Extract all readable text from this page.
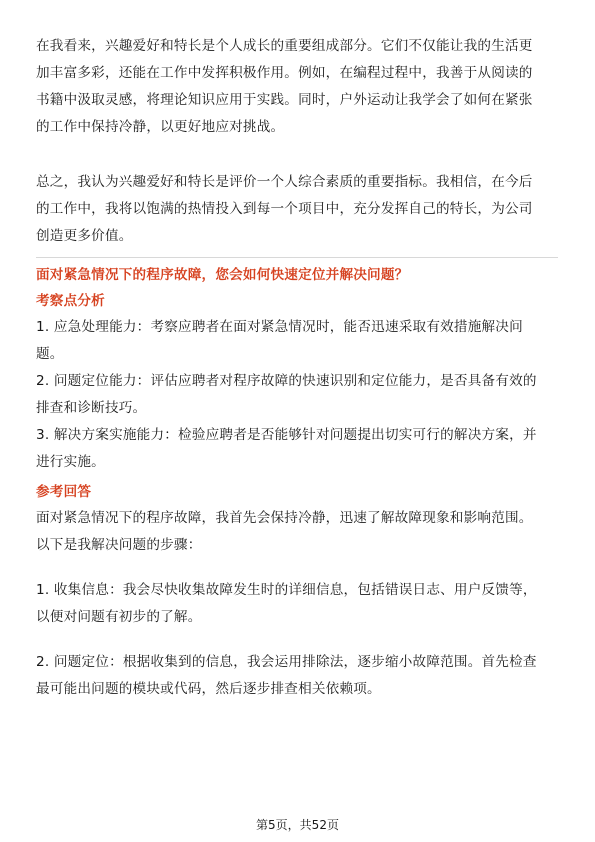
在我看来，兴趣爱好和特长是个人成长的重要组成部分。它们不仅能让我的生活更

加丰富多彩，还能在工作中发挥积极作用。例如，在编程过程中，我善于从阅读的

书籍中汲取灵感，将理论知识应用于实践。同时，户外运动让我学会了如何在紧张

的工作中保持冷静，以更好地应对挑战。

总之，我认为兴趣爱好和特长是评价一个人综合素质的重要指标。我相信，在今后

的工作中，我将以饱满的热情投入到每一个项目中，充分发挥自己的特长，为公司

创造更多价值。

面对紧急情况下的程序故障，您会如何快速定位并解决问题？

考察点分析

1. 应急处理能力：考察应聘者在面对紧急情况时，能否迅速采取有效措施解决问

题。

2. 问题定位能力：评估应聘者对程序故障的快速识别和定位能力，是否具备有效的

排查和诊断技巧。

3. 解决方案实施能力：检验应聘者是否能够针对问题提出切实可行的解决方案，并

进行实施。

参考回答

面对紧急情况下的程序故障，我首先会保持冷静，迅速了解故障现象和影响范围。

以下是我解决问题的步骤：

1. 收集信息：我会尽快收集故障发生时的详细信息，包括错误日志、用户反馈等，

以便对问题有初步的了解。

2. 问题定位：根据收集到的信息，我会运用排除法，逐步缩小故障范围。首先检查

最可能出问题的模块或代码，然后逐步排查相关依赖项。

第5页，共52页
